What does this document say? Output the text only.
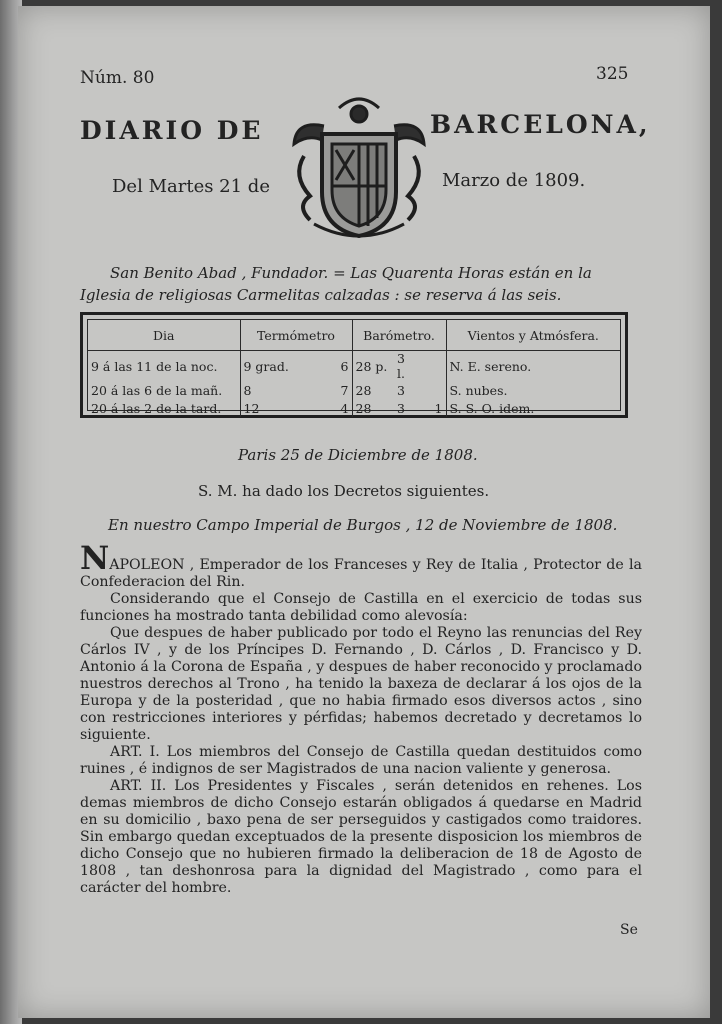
Núm. 80	325
DIARIO DE	BARCELONA,
Del Martes 21 de	Marzo de 1809.
San Benito Abad , Fundador. = Las Quarenta Horas están en la
Iglesia de religiosas Carmelitas calzadas : se reserva á las seis.
Dia	Termómetro		Barómetro.			Vientos y Atmósfera.
9 á las 11 de la noc.	9 grad.	6	28 p.	3 l.		N. E. sereno.
20 á las 6 de la mañ.	8	7	28	3		S. nubes.
20 á las 2 de la tard.	12	4	28	3	1	S. S. O. idem.
Paris 25 de Diciembre de 1808.
S. M. ha dado los Decretos siguientes.
En nuestro Campo Imperial de Burgos , 12 de Noviembre de 1808.

NAPOLEON , Emperador de los Franceses y Rey de Italia , Protector de la Confederacion del Rin.

Considerando que el Consejo de Castilla en el exercicio de todas sus funciones ha mostrado tanta debilidad como alevosía:

Que despues de haber publicado por todo el Reyno las renuncias del Rey Cárlos IV , y de los Príncipes D. Fernando , D. Cárlos , D. Francisco y D. Antonio á la Corona de España , y despues de haber reconocido y proclamado nuestros derechos al Trono , ha tenido la baxeza de declarar á los ojos de la Europa y de la posteridad , que no habia firmado esos diversos actos , sino con restricciones interiores y pérfidas; habemos decretado y decretamos lo siguiente.

ART. I. Los miembros del Consejo de Castilla quedan destituidos como ruines , é indignos de ser Magistrados de una nacion valiente y generosa.

ART. II. Los Presidentes y Fiscales , serán detenidos en rehenes. Los demas miembros de dicho Consejo estarán obligados á quedarse en Madrid en su domicilio , baxo pena de ser perseguidos y castigados como traidores. Sin embargo quedan exceptuados de la presente disposicion los miembros de dicho Consejo que no hubieren firmado la deliberacion de 18 de Agosto de 1808 , tan deshonrosa para la dignidad del Magistrado , como para el carácter del hombre.

Se
